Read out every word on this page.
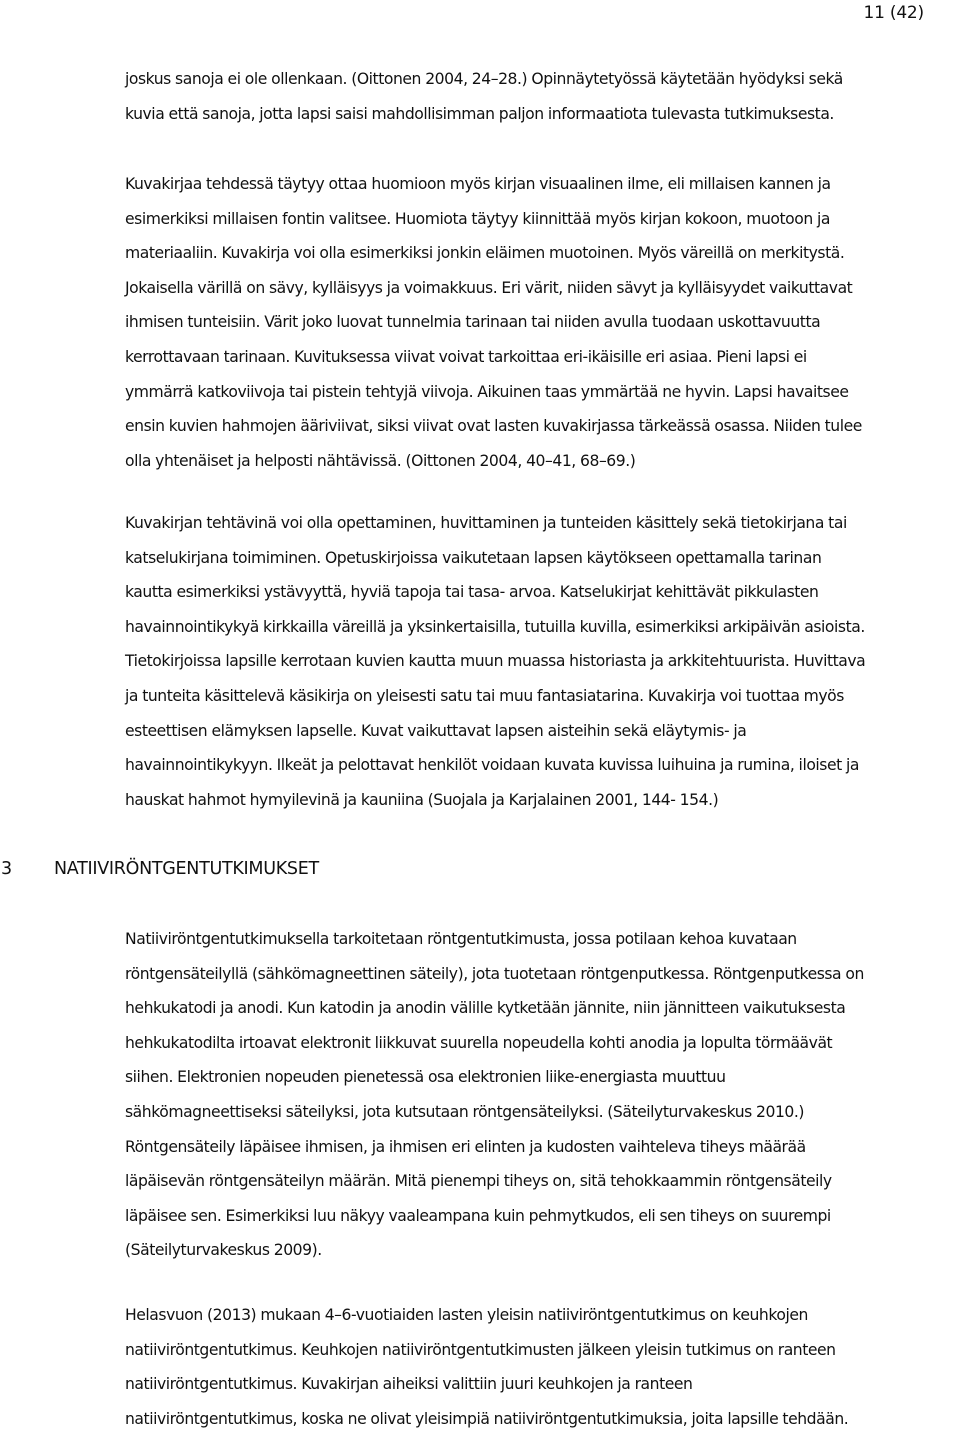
11 (42)
joskus sanoja ei ole ollenkaan. (Oittonen 2004, 24–28.) Opinnäytetyössä käytetään hyödyksi sekä
kuvia että sanoja, jotta lapsi saisi mahdollisimman paljon informaatiota tulevasta tutkimuksesta.
Kuvakirjaa tehdessä täytyy ottaa huomioon myös kirjan visuaalinen ilme, eli millaisen kannen ja
esimerkiksi millaisen fontin valitsee. Huomiota täytyy kiinnittää myös kirjan kokoon, muotoon ja
materiaaliin. Kuvakirja voi olla esimerkiksi jonkin eläimen muotoinen. Myös väreillä on merkitystä.
Jokaisella värillä on sävy, kylläisyys ja voimakkuus. Eri värit, niiden sävyt ja kylläisyydet vaikuttavat
ihmisen tunteisiin. Värit joko luovat tunnelmia tarinaan tai niiden avulla tuodaan uskottavuutta
kerrottavaan tarinaan. Kuvituksessa viivat voivat tarkoittaa eri-ikäisille eri asiaa. Pieni lapsi ei
ymmärrä katkoviivoja tai pistein tehtyjä viivoja. Aikuinen taas ymmärtää ne hyvin. Lapsi havaitsee
ensin kuvien hahmojen ääriviivat, siksi viivat ovat lasten kuvakirjassa tärkeässä osassa. Niiden tulee
olla yhtenäiset ja helposti nähtävissä. (Oittonen 2004, 40–41, 68–69.)
Kuvakirjan tehtävinä voi olla opettaminen, huvittaminen ja tunteiden käsittely sekä tietokirjana tai
katselukirjana toimiminen. Opetuskirjoissa vaikutetaan lapsen käytökseen opettamalla tarinan
kautta esimerkiksi ystävyyttä, hyviä tapoja tai tasa- arvoa. Katselukirjat kehittävät pikkulasten
havainnointikykyä kirkkailla väreillä ja yksinkertaisilla, tutuilla kuvilla, esimerkiksi arkipäivän asioista.
Tietokirjoissa lapsille kerrotaan kuvien kautta muun muassa historiasta ja arkkitehtuurista. Huvittava
ja tunteita käsittelevä käsikirja on yleisesti satu tai muu fantasiatarina. Kuvakirja voi tuottaa myös
esteettisen elämyksen lapselle. Kuvat vaikuttavat lapsen aisteihin sekä eläytymis- ja
havainnointikykyyn. Ilkeät ja pelottavat henkilöt voidaan kuvata kuvissa luihuina ja rumina, iloiset ja
hauskat hahmot hymyilevinä ja kauniina (Suojala ja Karjalainen 2001, 144- 154.)
3 NATIIVIRÖNTGENTUTKIMUKSET
Natiiviröntgentutkimuksella tarkoitetaan röntgentutkimusta, jossa potilaan kehoa kuvataan
röntgensäteilyllä (sähkömagneettinen säteily), jota tuotetaan röntgenputkessa. Röntgenputkessa on
hehkukatodi ja anodi. Kun katodin ja anodin välille kytketään jännite, niin jännitteen vaikutuksesta
hehkukatodilta irtoavat elektronit liikkuvat suurella nopeudella kohti anodia ja lopulta törmäävät
siihen. Elektronien nopeuden pienetessä osa elektronien liike-energiasta muuttuu
sähkömagneettiseksi säteilyksi, jota kutsutaan röntgensäteilyksi. (Säteilyturvakeskus 2010.)
Röntgensäteily läpäisee ihmisen, ja ihmisen eri elinten ja kudosten vaihteleva tiheys määrää
läpäisevän röntgensäteilyn määrän. Mitä pienempi tiheys on, sitä tehokkaammin röntgensäteily
läpäisee sen. Esimerkiksi luu näkyy vaaleampana kuin pehmytkudos, eli sen tiheys on suurempi
(Säteilyturvakeskus 2009).
Helasvuon (2013) mukaan 4–6-vuotiaiden lasten yleisin natiiviröntgentutkimus on keuhkojen
natiiviröntgentutkimus. Keuhkojen natiiviröntgentutkimusten jälkeen yleisin tutkimus on ranteen
natiiviröntgentutkimus. Kuvakirjan aiheiksi valittiin juuri keuhkojen ja ranteen
natiiviröntgentutkimus, koska ne olivat yleisimpiä natiiviröntgentutkimuksia, joita lapsille tehdään.
